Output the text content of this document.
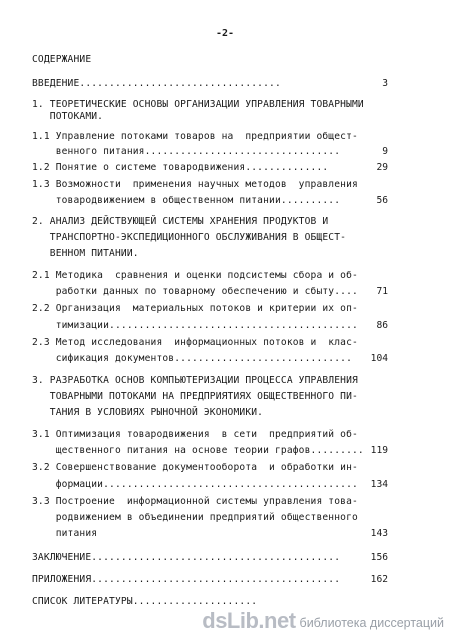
-2-
СОДЕРЖАНИЕ
ВВЕДЕНИЕ..................................	3
1. ТЕОРЕТИЧЕСКИЕ ОСНОВЫ ОРГАНИЗАЦИИ УПРАВЛЕНИЯ ТОВАРНЫМИ
ПОТОКАМИ.
1.1 Управление потоками товаров на  предприятии общест-
венного питания.................................	9
1.2 Понятие о системе товародвижения..............	29
1.3 Возможности  применения научных методов  управления
товародвижением в общественном питании..........	56
2. АНАЛИЗ ДЕЙСТВУЮЩЕЙ СИСТЕМЫ ХРАНЕНИЯ ПРОДУКТОВ И
ТРАНСПОРТНО-ЭКСПЕДИЦИОННОГО ОБСЛУЖИВАНИЯ В ОБЩЕСТ-
ВЕННОМ ПИТАНИИ.
2.1 Методика  сравнения и оценки подсистемы сбора и об-
работки данных по товарному обеспечению и сбыту.... 71
2.2 Организация  материальных потоков и критерии их оп-
тимизации.......................................... 86
2.3 Метод исследования  информационных потоков и  клас-
сификация документов.............................. 104
3. РАЗРАБОТКА ОСНОВ КОМПЬЮТЕРИЗАЦИИ ПРОЦЕССА УПРАВЛЕНИЯ
ТОВАРНЫМИ ПОТОКАМИ НА ПРЕДПРИЯТИЯХ ОБЩЕСТВЕННОГО ПИ-
ТАНИЯ В УСЛОВИЯХ РЫНОЧНОЙ ЭКОНОМИКИ.
3.1 Оптимизация товародвижения  в сети  предприятий об-
щественного питания на основе теории графов......... 119
3.2 Совершенствование документооборота  и обработки ин-
формации........................................... 134
3.3 Построение  информационной системы управления това-
родвижением в объединении предприятий общественного
питания	143
ЗАКЛЮЧЕНИЕ..........................................	156
ПРИЛОЖЕНИЯ..........................................	162
СПИСОК ЛИТЕРАТУРЫ.....................
dsLib.net библиотека диссертаций
